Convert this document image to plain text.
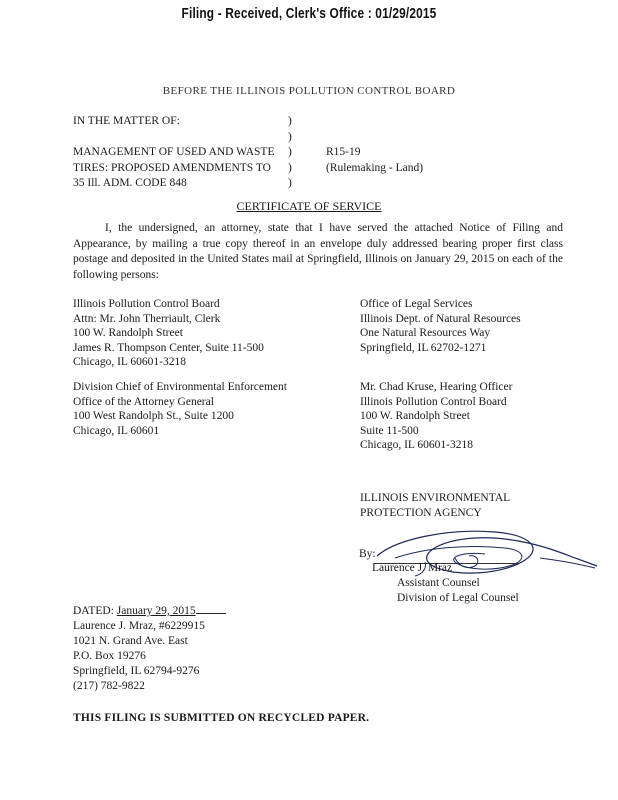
Filing - Received, Clerk's Office : 01/29/2015
BEFORE THE ILLINOIS POLLUTION CONTROL BOARD
IN THE MATTER OF:

MANAGEMENT OF USED AND WASTE
TIRES: PROPOSED AMENDMENTS TO
35 Ill. ADM. CODE 848
)
)
)
)
)
R15-19
(Rulemaking - Land)
CERTIFICATE OF SERVICE
I, the undersigned, an attorney, state that I have served the attached Notice of Filing and Appearance, by mailing a true copy thereof in an envelope duly addressed bearing proper first class postage and deposited in the United States mail at Springfield, Illinois on January 29, 2015 on each of the following persons:
Illinois Pollution Control Board
Attn: Mr. John Therriault, Clerk
100 W. Randolph Street
James R. Thompson Center, Suite 11-500
Chicago, IL 60601-3218
Office of Legal Services
Illinois Dept. of Natural Resources
One Natural Resources Way
Springfield, IL 62702-1271
Division Chief of Environmental Enforcement
Office of the Attorney General
100 West Randolph St., Suite 1200
Chicago, IL 60601
Mr. Chad Kruse, Hearing Officer
Illinois Pollution Control Board
100 W. Randolph Street
Suite 11-500
Chicago, IL 60601-3218
ILLINOIS ENVIRONMENTAL
PROTECTION AGENCY
By:
Laurence J. Mraz
Assistant Counsel
Division of Legal Counsel
DATED: January 29, 2015
Laurence J. Mraz, #6229915
1021 N. Grand Ave. East
P.O. Box 19276
Springfield, IL 62794-9276
(217) 782-9822
THIS FILING IS SUBMITTED ON RECYCLED PAPER.
